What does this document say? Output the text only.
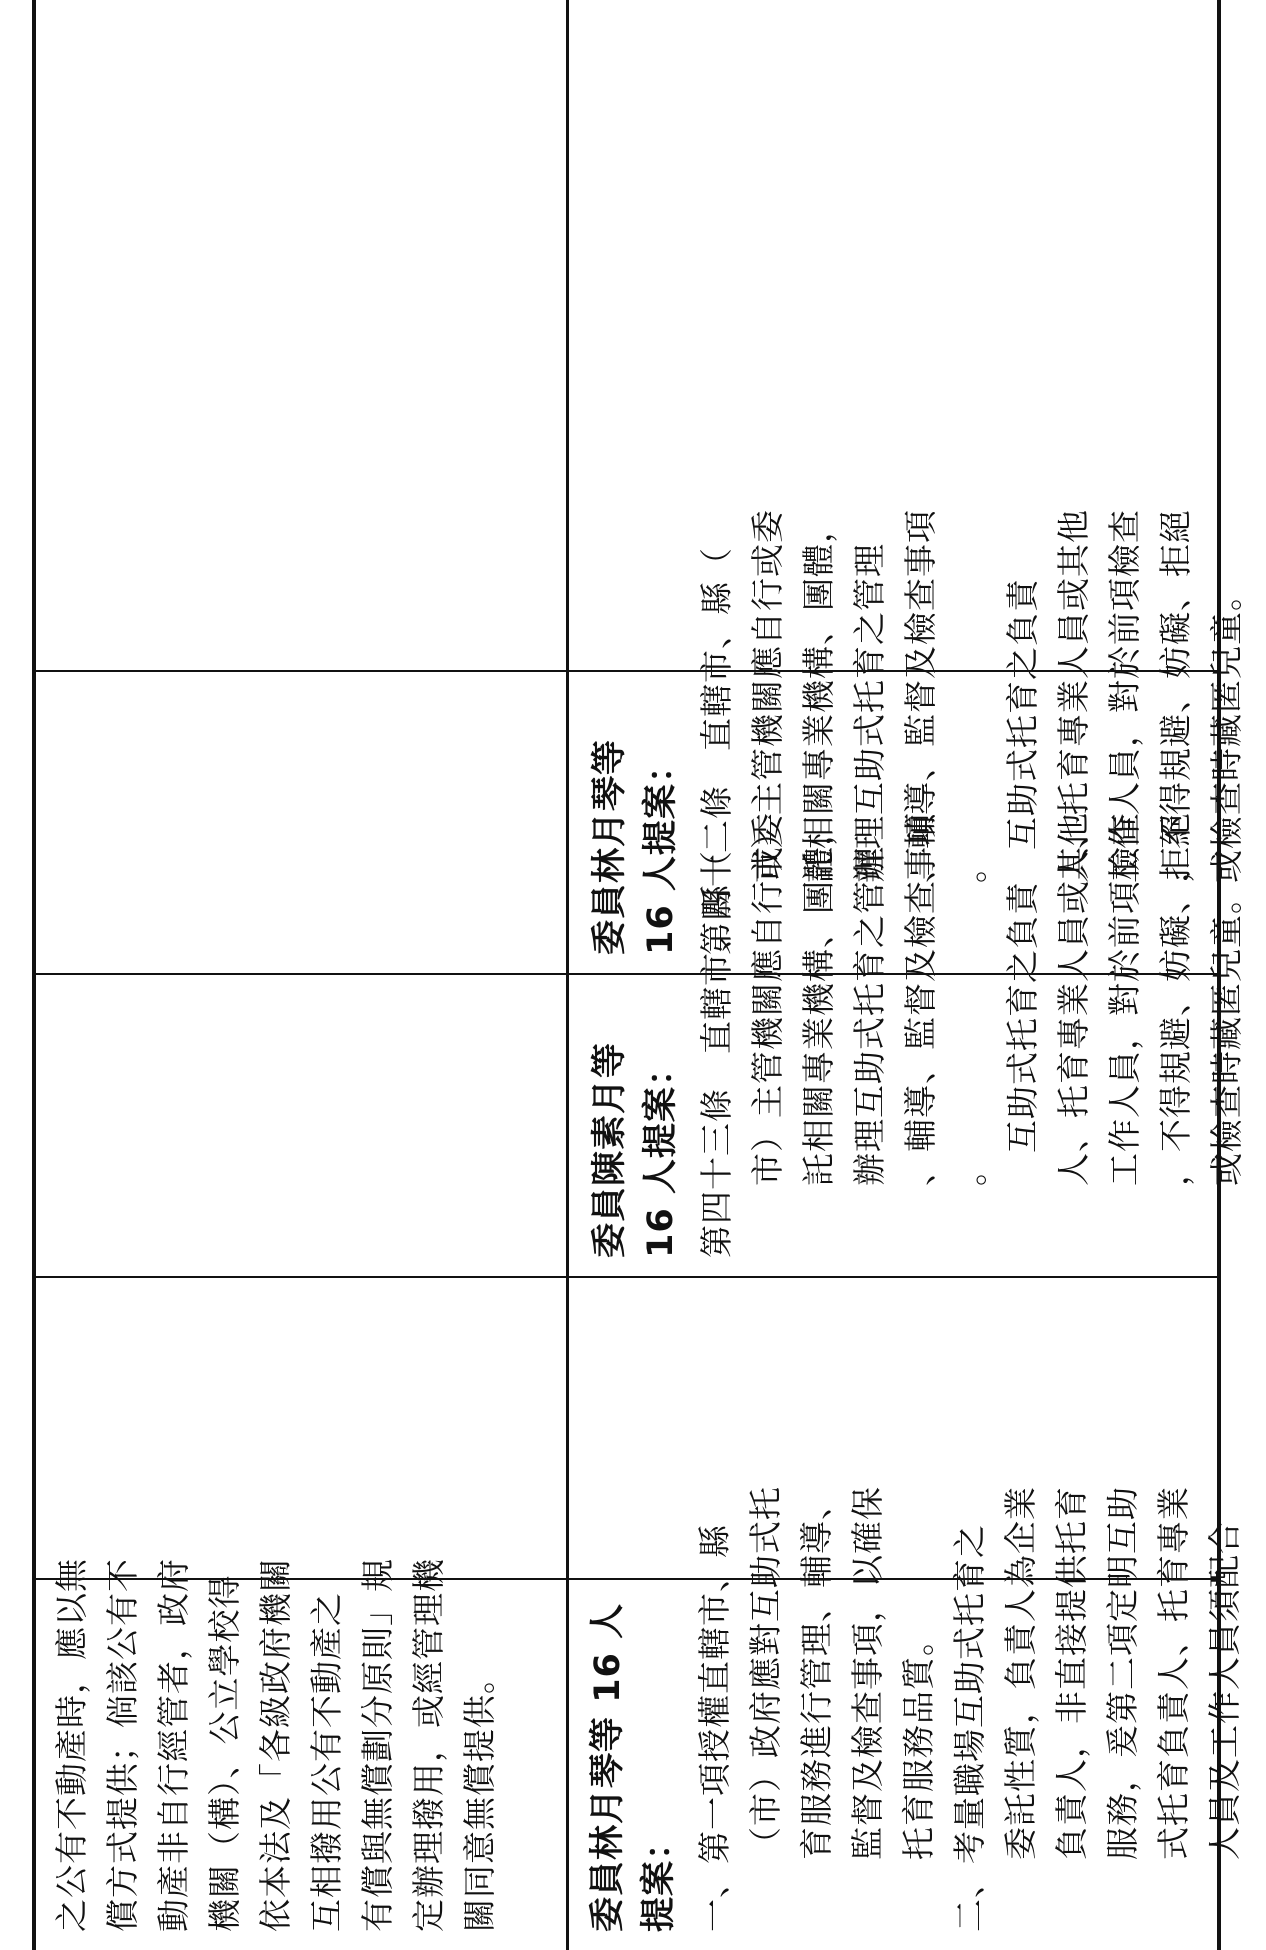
之公有不動產時，應以無 償方式提供；倘該公有不 動產非自行經管者，政府 機關（構）、公立學校得 依本法及「各級政府機關 互相撥用公有不動產之 有償與無償劃分原則」規 定辦理撥用，或經管理機 關同意無償提供。	委員林月琴等 16 人提案： 一、第一項授權直轄市、縣 （市）政府應對互助式托 育服務進行管理、輔導、 監督及檢查事項，以確保 托育服務品質。 二、考量職場互助式托育之 委託性質，負責人為企業 負責人，非直接提供托育 服務，爰第二項定明互助 式托育負責人、托育專業 人員及工作人員須配合
委員陳素月等 16 人提案： 第四十三條　直轄市、縣（ 市）主管機關應自行或委 託相關專業機構、團體， 辦理互助式托育之管理 、輔導、監督及檢查事項 。
互助式托育之負責 人、托育專業人員或其他 工作人員，對於前項檢查 ，不得規避、妨礙、拒絕 或檢查時藏匿兒童。
委員林月琴等 16 人提案： 第四十二條　直轄市、縣（ 市）主管機關應自行或委 託相關專業機構、團體， 辦理互助式托育之管理 、輔導、監督及檢查事項 。
互助式托育之負責 人、托育專業人員或其他 工作人員，對於前項檢查 ，不得規避、妨礙、拒絕 或檢查時藏匿兒童。
